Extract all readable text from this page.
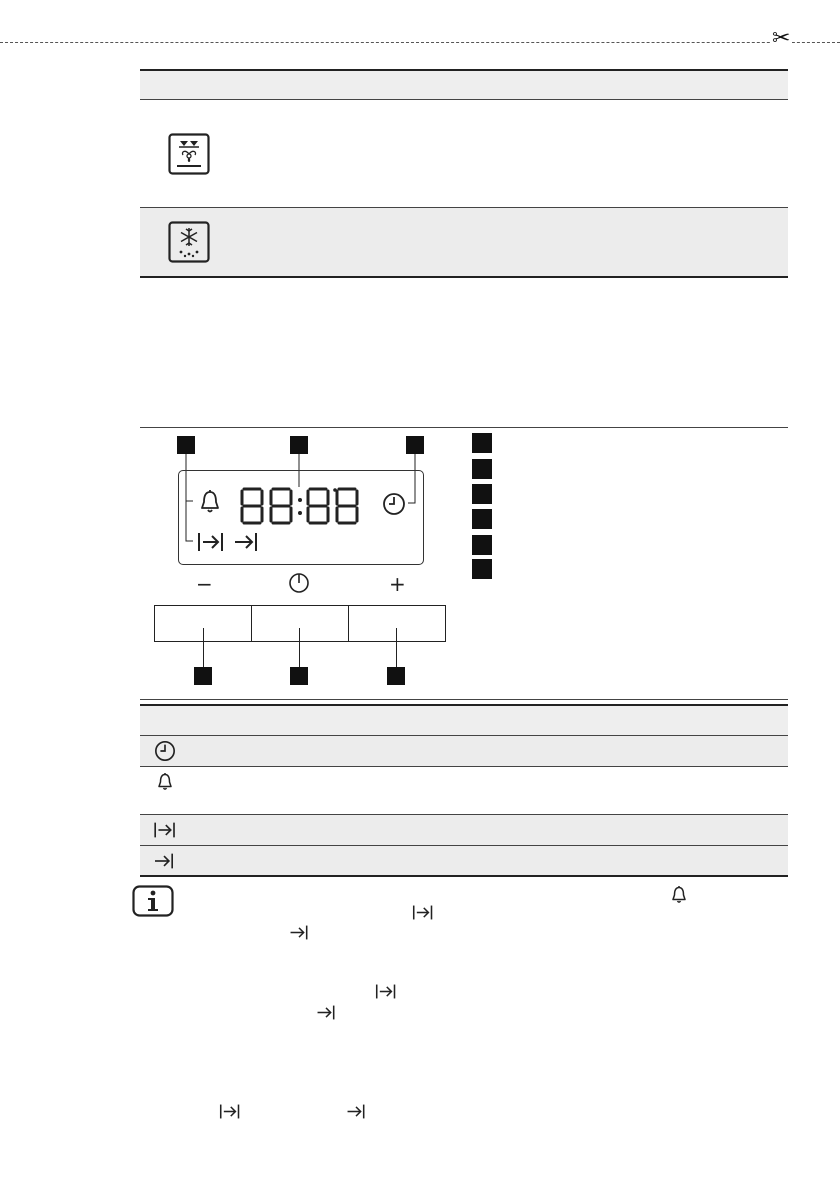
✂
−	+
